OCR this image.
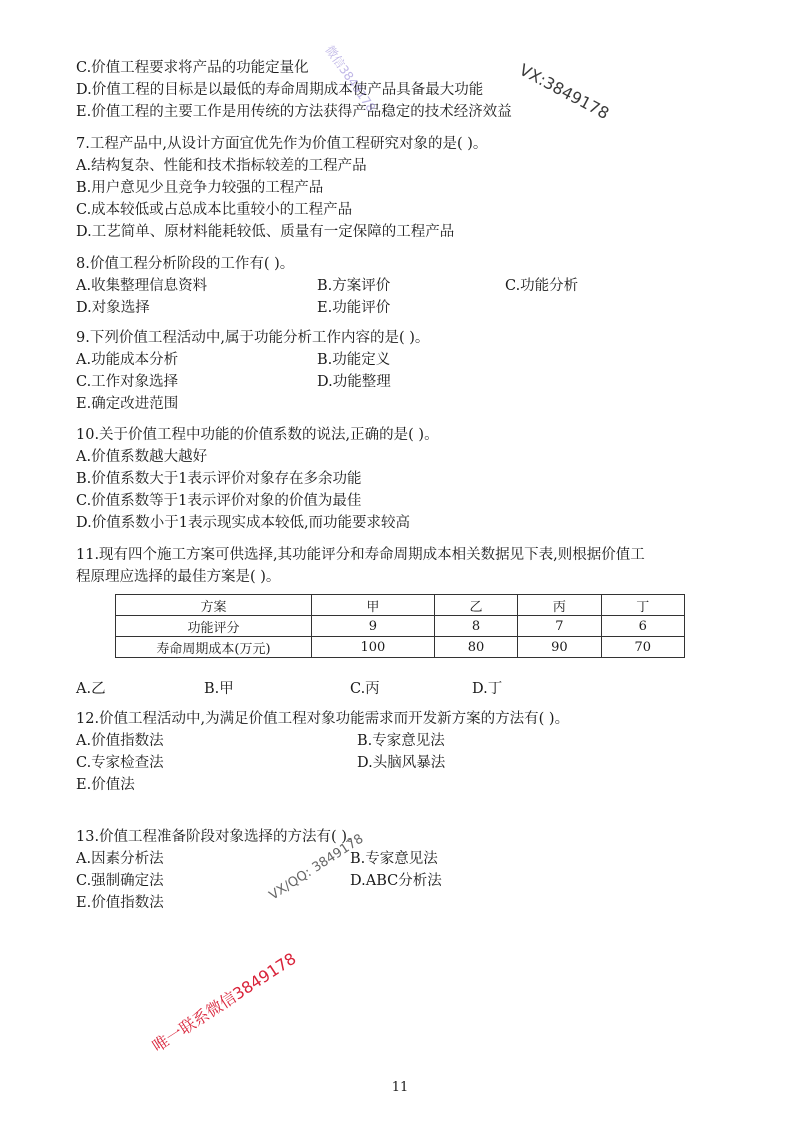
C.价值工程要求将产品的功能定量化
D.价值工程的目标是以最低的寿命周期成本使产品具备最大功能
E.价值工程的主要工作是用传统的方法获得产品稳定的技术经济效益
7.工程产品中,从设计方面宜优先作为价值工程研究对象的是( )。
A.结构复杂、性能和技术指标较差的工程产品
B.用户意见少且竞争力较强的工程产品
C.成本较低或占总成本比重较小的工程产品
D.工艺简单、原材料能耗较低、质量有一定保障的工程产品
8.价值工程分析阶段的工作有( )。
A.收集整理信息资料	B.方案评价	C.功能分析
D.对象选择	E.功能评价
9.下列价值工程活动中,属于功能分析工作内容的是( )。
A.功能成本分析	B.功能定义
C.工作对象选择	D.功能整理
E.确定改进范围
10.关于价值工程中功能的价值系数的说法,正确的是( )。
A.价值系数越大越好
B.价值系数大于1表示评价对象存在多余功能
C.价值系数等于1表示评价对象的价值为最佳
D.价值系数小于1表示现实成本较低,而功能要求较高
11.现有四个施工方案可供选择,其功能评分和寿命周期成本相关数据见下表,则根据价值工
程原理应选择的最佳方案是( )。
方案	甲	乙	丙	丁
功能评分	9	8	7	6
寿命周期成本(万元)	100	80	90	70
A.乙	B.甲	C.丙	D.丁
12.价值工程活动中,为满足价值工程对象功能需求而开发新方案的方法有( )。
A.价值指数法	B.专家意见法
C.专家检查法	D.头脑风暴法
E.价值法
13.价值工程准备阶段对象选择的方法有( )。
A.因素分析法	B.专家意见法
C.强制确定法	D.ABC分析法
E.价值指数法
11
VX:3849178
微信3849178
VX/QQ: 3849178
唯一联系微信3849178
